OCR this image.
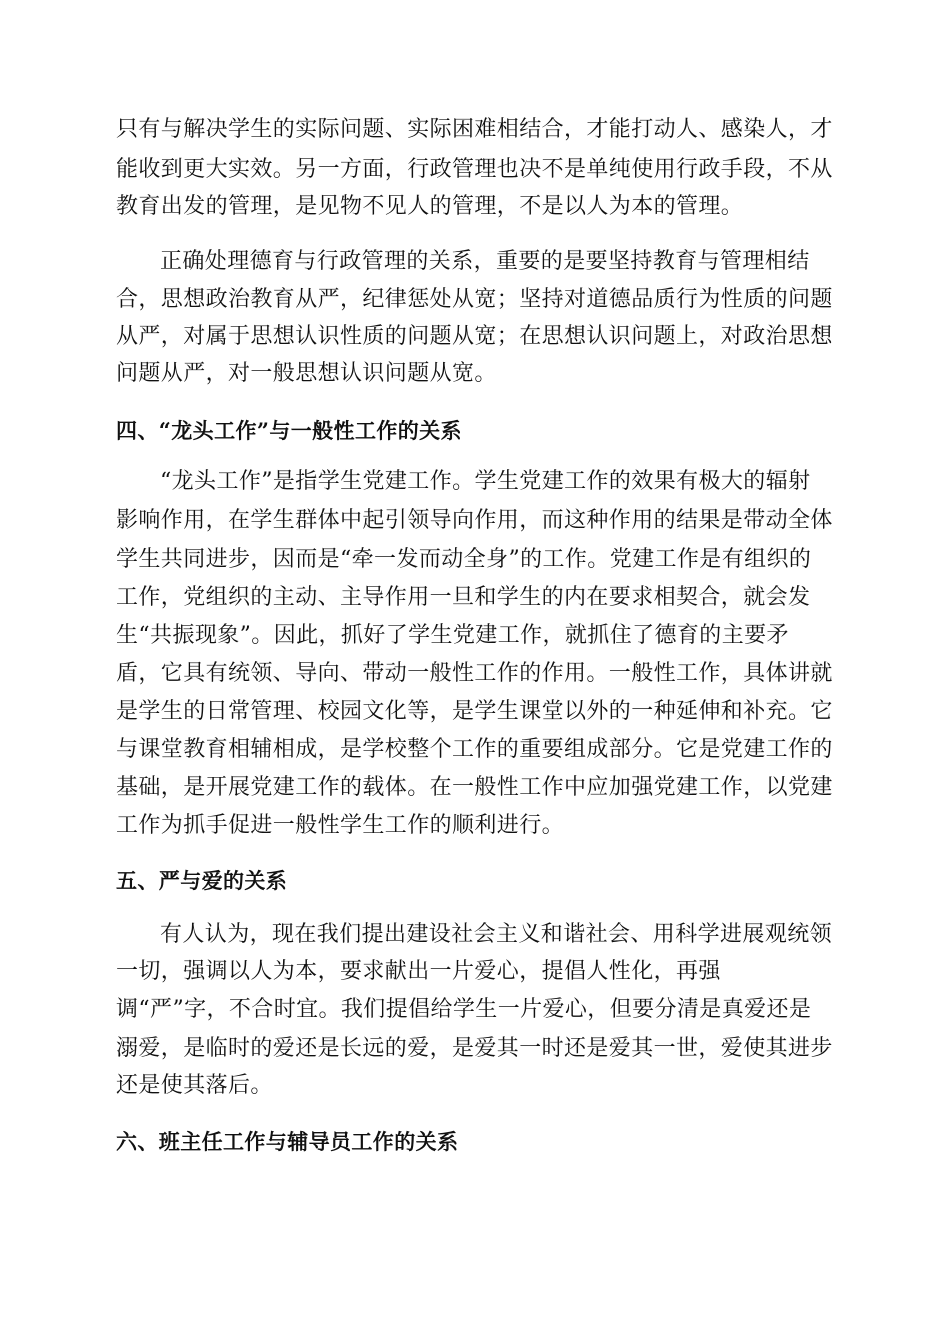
只有与解决学生的实际问题、实际困难相结合，才能打动人、感染人，才
能收到更大实效。另一方面，行政管理也决不是单纯使用行政手段，不从
教育出发的管理，是见物不见人的管理，不是以人为本的管理。
正确处理德育与行政管理的关系，重要的是要坚持教育与管理相结
合，思想政治教育从严，纪律惩处从宽；坚持对道德品质行为性质的问题
从严，对属于思想认识性质的问题从宽；在思想认识问题上，对政治思想
问题从严，对一般思想认识问题从宽。
四、“龙头工作”与一般性工作的关系
“龙头工作”是指学生党建工作。学生党建工作的效果有极大的辐射
影响作用，在学生群体中起引领导向作用，而这种作用的结果是带动全体
学生共同进步，因而是“牵一发而动全身”的工作。党建工作是有组织的
工作，党组织的主动、主导作用一旦和学生的内在要求相契合，就会发
生“共振现象”。因此，抓好了学生党建工作，就抓住了德育的主要矛
盾，它具有统领、导向、带动一般性工作的作用。一般性工作，具体讲就
是学生的日常管理、校园文化等，是学生课堂以外的一种延伸和补充。它
与课堂教育相辅相成，是学校整个工作的重要组成部分。它是党建工作的
基础，是开展党建工作的载体。在一般性工作中应加强党建工作，以党建
工作为抓手促进一般性学生工作的顺利进行。
五、严与爱的关系
有人认为，现在我们提出建设社会主义和谐社会、用科学进展观统领
一切，强调以人为本，要求献出一片爱心，提倡人性化，再强
调“严”字，不合时宜。我们提倡给学生一片爱心，但要分清是真爱还是
溺爱，是临时的爱还是长远的爱，是爱其一时还是爱其一世，爱使其进步
还是使其落后。
六、班主任工作与辅导员工作的关系
